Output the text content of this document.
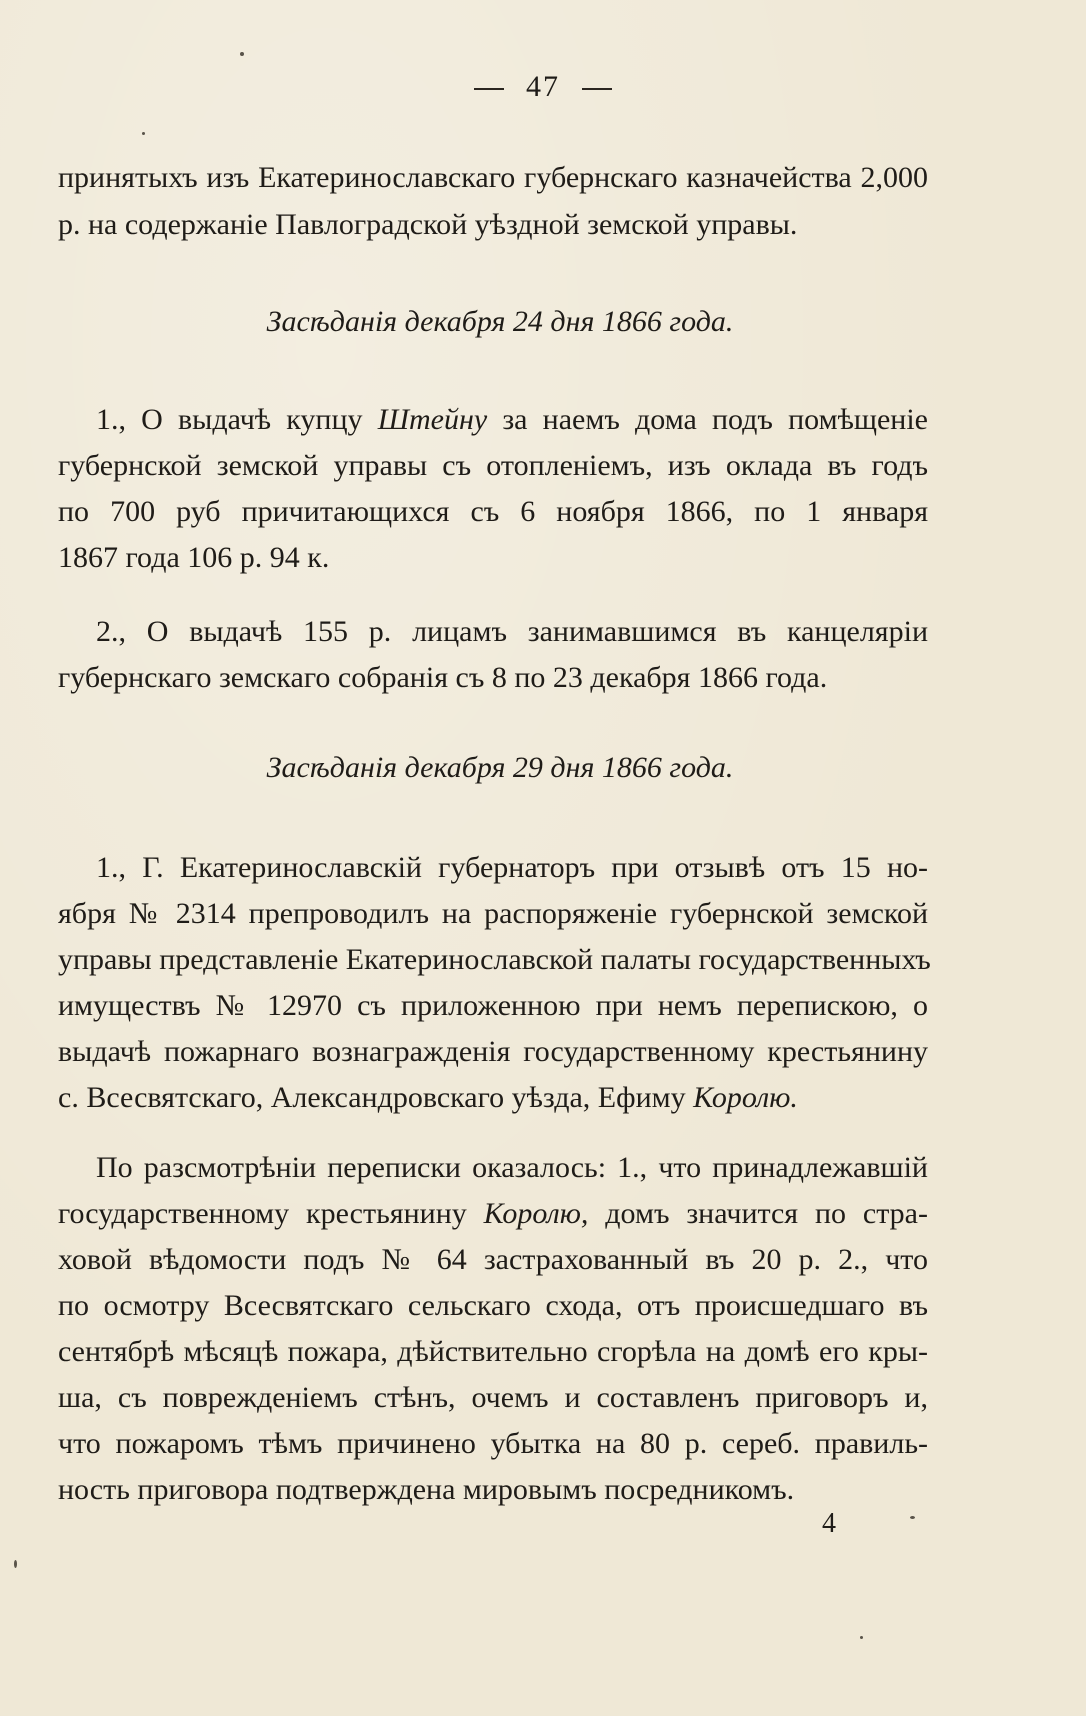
47
принятыхъ изъ Екатеринославскаго губернскаго казначейства 2,000
р. на содержаніе Павлоградской уѣздной земской управы.
Засѣданія декабря 24 дня 1866 года.
1., О выдачѣ купцу Штейну за наемъ дома подъ помѣщеніе
губернской земской управы съ отопленіемъ, изъ оклада въ годъ
по 700 руб причитающихся съ 6 ноября 1866, по 1 января
1867 года 106 р. 94 к.
2., О выдачѣ 155 р. лицамъ занимавшимся въ канцеляріи
губернскаго земскаго собранія съ 8 по 23 декабря 1866 года.
Засѣданія декабря 29 дня 1866 года.
1., Г. Екатеринославскій губернаторъ при отзывѣ отъ 15 но-
ября № 2314 препроводилъ на распоряженіе губернской земской
управы представленіе Екатеринославской палаты государственныхъ
имуществъ № 12970 съ приложенною при немъ перепискою, о
выдачѣ пожарнаго вознагражденія государственному крестьянину
с. Всесвятскаго, Александровскаго уѣзда, Ефиму Королю.
По разсмотрѣніи переписки оказалось: 1., что принадлежавшій
государственному крестьянину Королю, домъ значится по стра-
ховой вѣдомости подъ № 64 застрахованный въ 20 р. 2., что
по осмотру Всесвятскаго сельскаго схода, отъ происшедшаго въ
сентябрѣ мѣсяцѣ пожара, дѣйствительно сгорѣла на домѣ его кры-
ша, съ поврежденіемъ стѣнъ, очемъ и составленъ приговоръ и,
что пожаромъ тѣмъ причинено убытка на 80 р. сереб. правиль-
ность приговора подтверждена мировымъ посредникомъ.
4
